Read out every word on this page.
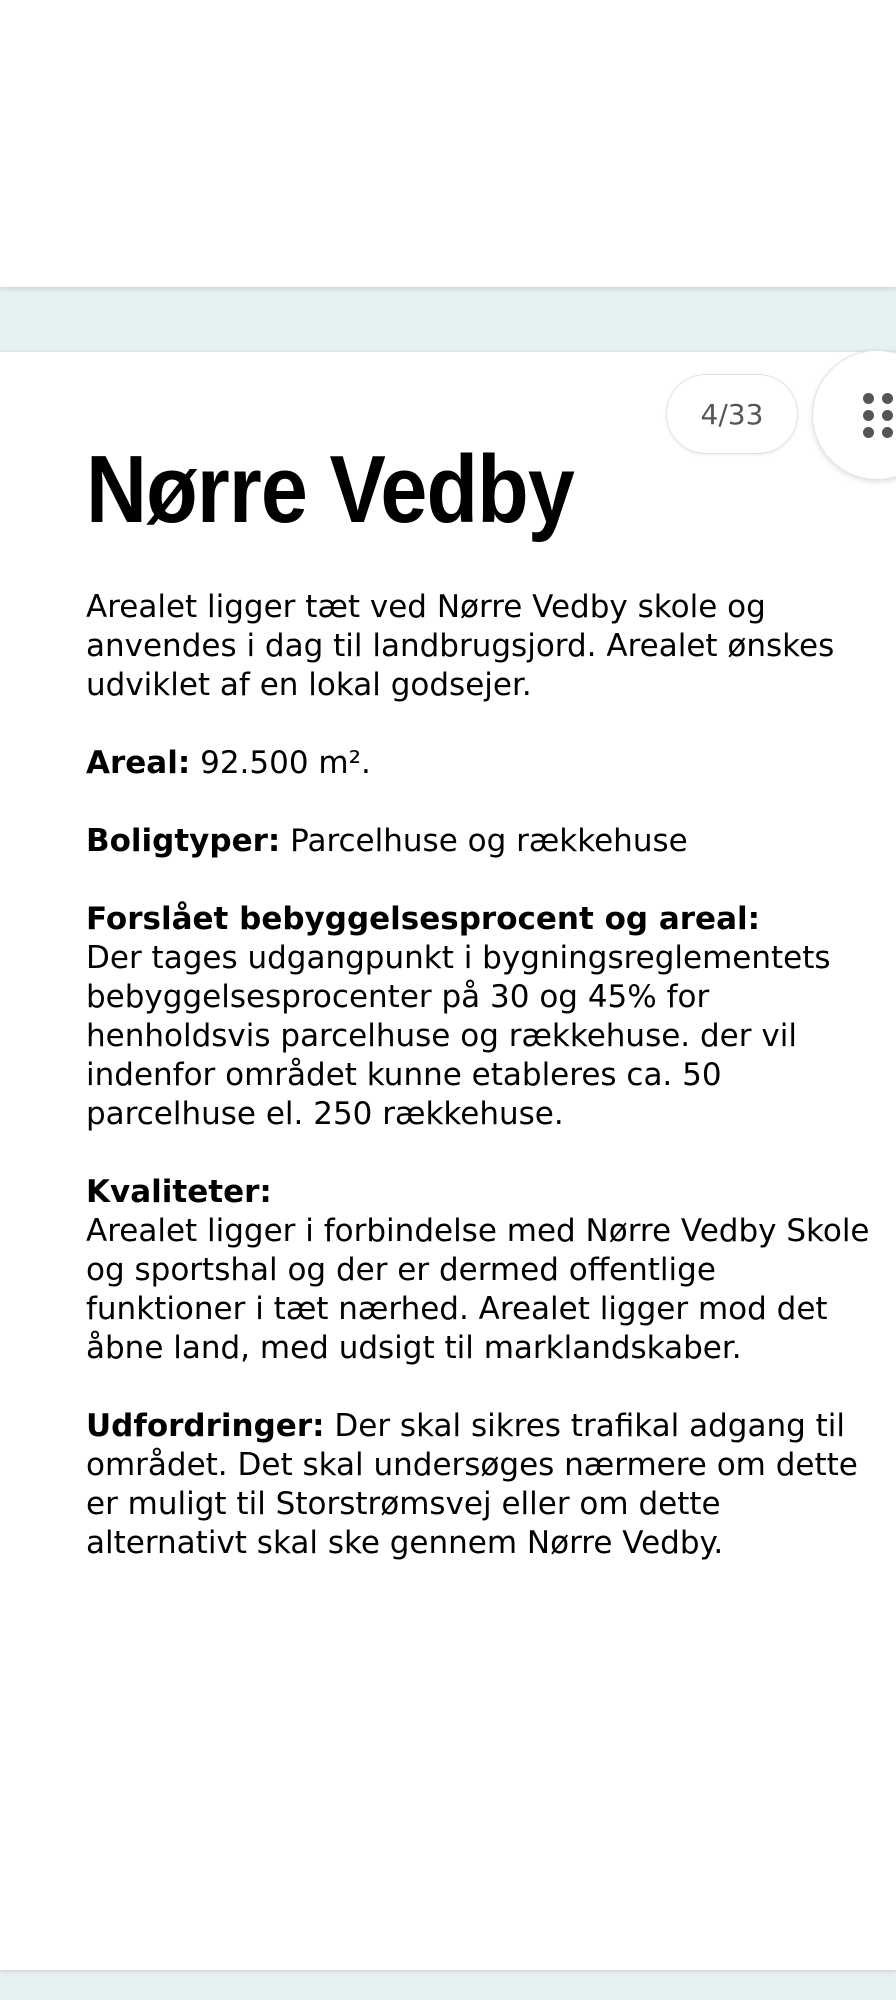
Nørre Vedby

Arealet ligger tæt ved Nørre Vedby skole og anvendes i dag til landbrugsjord. Arealet ønskes udviklet af en lokal godsejer.

Areal: 92.500 m².

Boligtyper: Parcelhuse og rækkehuse

Forslået bebyggelsesprocent og areal:
Der tages udgangpunkt i bygningsreglementets bebyggelsesprocenter på 30 og 45% for henholdsvis parcelhuse og rækkehuse. der vil indenfor området kunne etableres ca. 50 parcelhuse el. 250 rækkehuse.

Kvaliteter:
Arealet ligger i forbindelse med Nørre Vedby Skole og sportshal og der er dermed offentlige funktioner i tæt nærhed. Arealet ligger mod det åbne land, med udsigt til marklandskaber.

Udfordringer: Der skal sikres trafikal adgang til området. Det skal undersøges nærmere om dette er muligt til Storstrømsvej eller om dette alternativt skal ske gennem Nørre Vedby.

4/33
